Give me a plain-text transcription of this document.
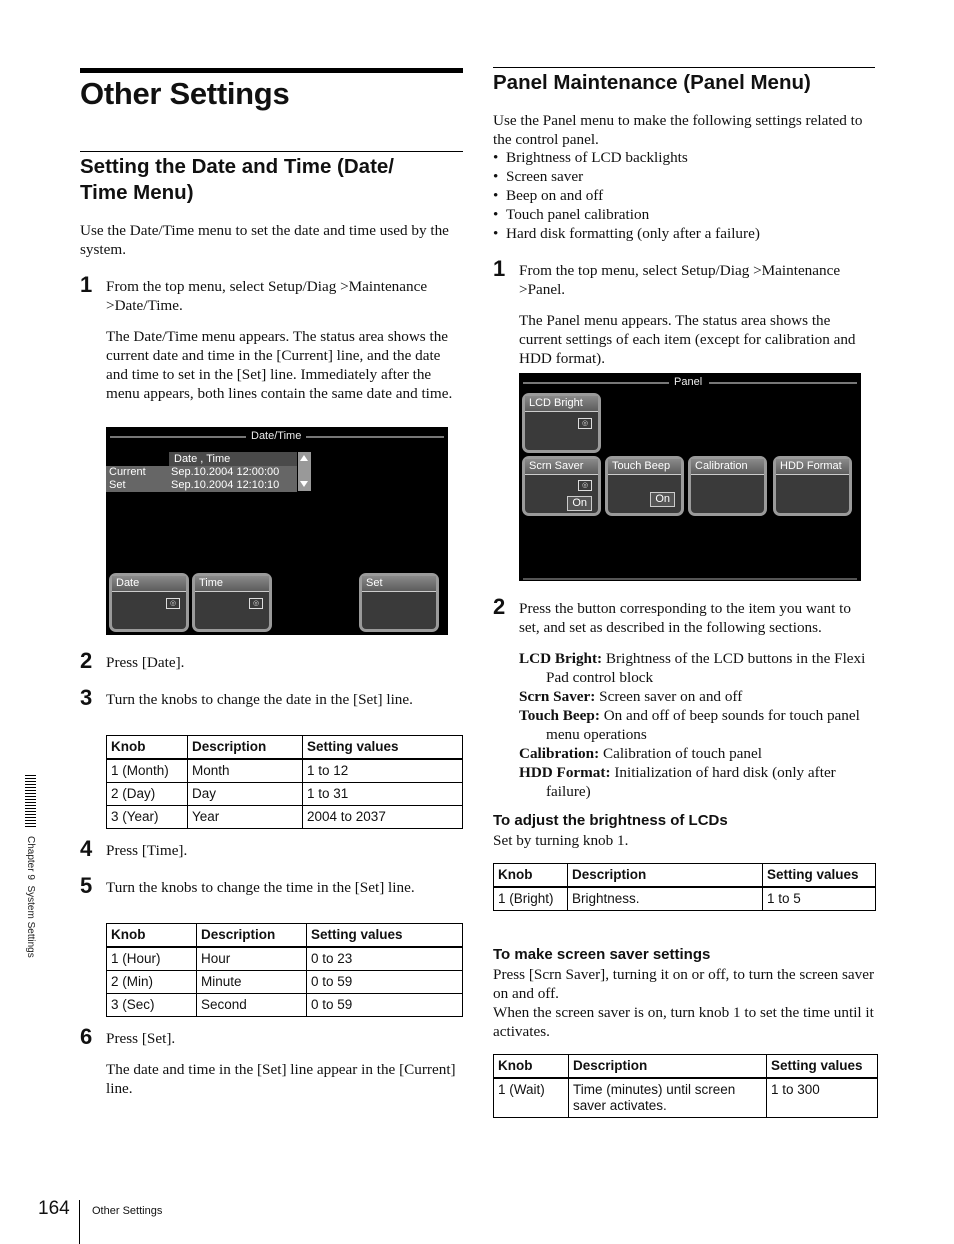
Other Settings
Setting the Date and Time (Date/
Time Menu)

Use the Date/Time menu to set the date and time used by the system.

1 From the top menu, select Setup/Diag >Maintenance >Date/Time.

The Date/Time menu appears. The status area shows the current date and time in the [Current] line, and the date and time to set in the [Set] line. Immediately after the menu appears, both lines contain the same date and time.

Date/Time
Date , Time
Current Sep.10.2004 12:00:00
Set	Sep.10.2004 12:10:10
Date
◎
Time
◎
Set
2 Press [Date].

3 Turn the knobs to change the date in the [Set] line.

Knob	Description	Setting values
1 (Month)	Month	1 to 12
2 (Day)	Day	1 to 31
3 (Year)	Year	2004 to 2037
4 Press [Time].

5 Turn the knobs to change the time in the [Set] line.

Knob	Description	Setting values
1 (Hour)	Hour	0 to 23
2 (Min)	Minute	0 to 59
3 (Sec)	Second	0 to 59
6 Press [Set].

The date and time in the [Set] line appear in the [Current] line.

Panel Maintenance (Panel Menu)

Use the Panel menu to make the following settings related to the control panel.

• Brightness of LCD backlights
• Screen saver
• Beep on and off
• Touch panel calibration
• Hard disk formatting (only after a failure)
1 From the top menu, select Setup/Diag >Maintenance >Panel.

The Panel menu appears. The status area shows the current settings of each item (except for calibration and HDD format).

Panel
LCD Bright
◎
Scrn Saver
◎
On
Touch Beep
On
Calibration	HDD Format
2 Press the button corresponding to the item you want to set, and set as described in the following sections.

LCD Bright: Brightness of the LCD buttons in the Flexi Pad control block

Scrn Saver: Screen saver on and off

Touch Beep: On and off of beep sounds for touch panel menu operations

Calibration: Calibration of touch panel

HDD Format: Initialization of hard disk (only after failure)

To adjust the brightness of LCDs

Set by turning knob 1.

Knob	Description	Setting values
1 (Bright)	Brightness.	1 to 5
To make screen saver settings

Press [Scrn Saver], turning it on or off, to turn the screen saver on and off.

When the screen saver is on, turn knob 1 to set the time until it activates.

Knob	Description	Setting values
1 (Wait)	Time (minutes) until screen saver activates.	1 to 300
Chapter 9  System Settings
164 Other Settings
